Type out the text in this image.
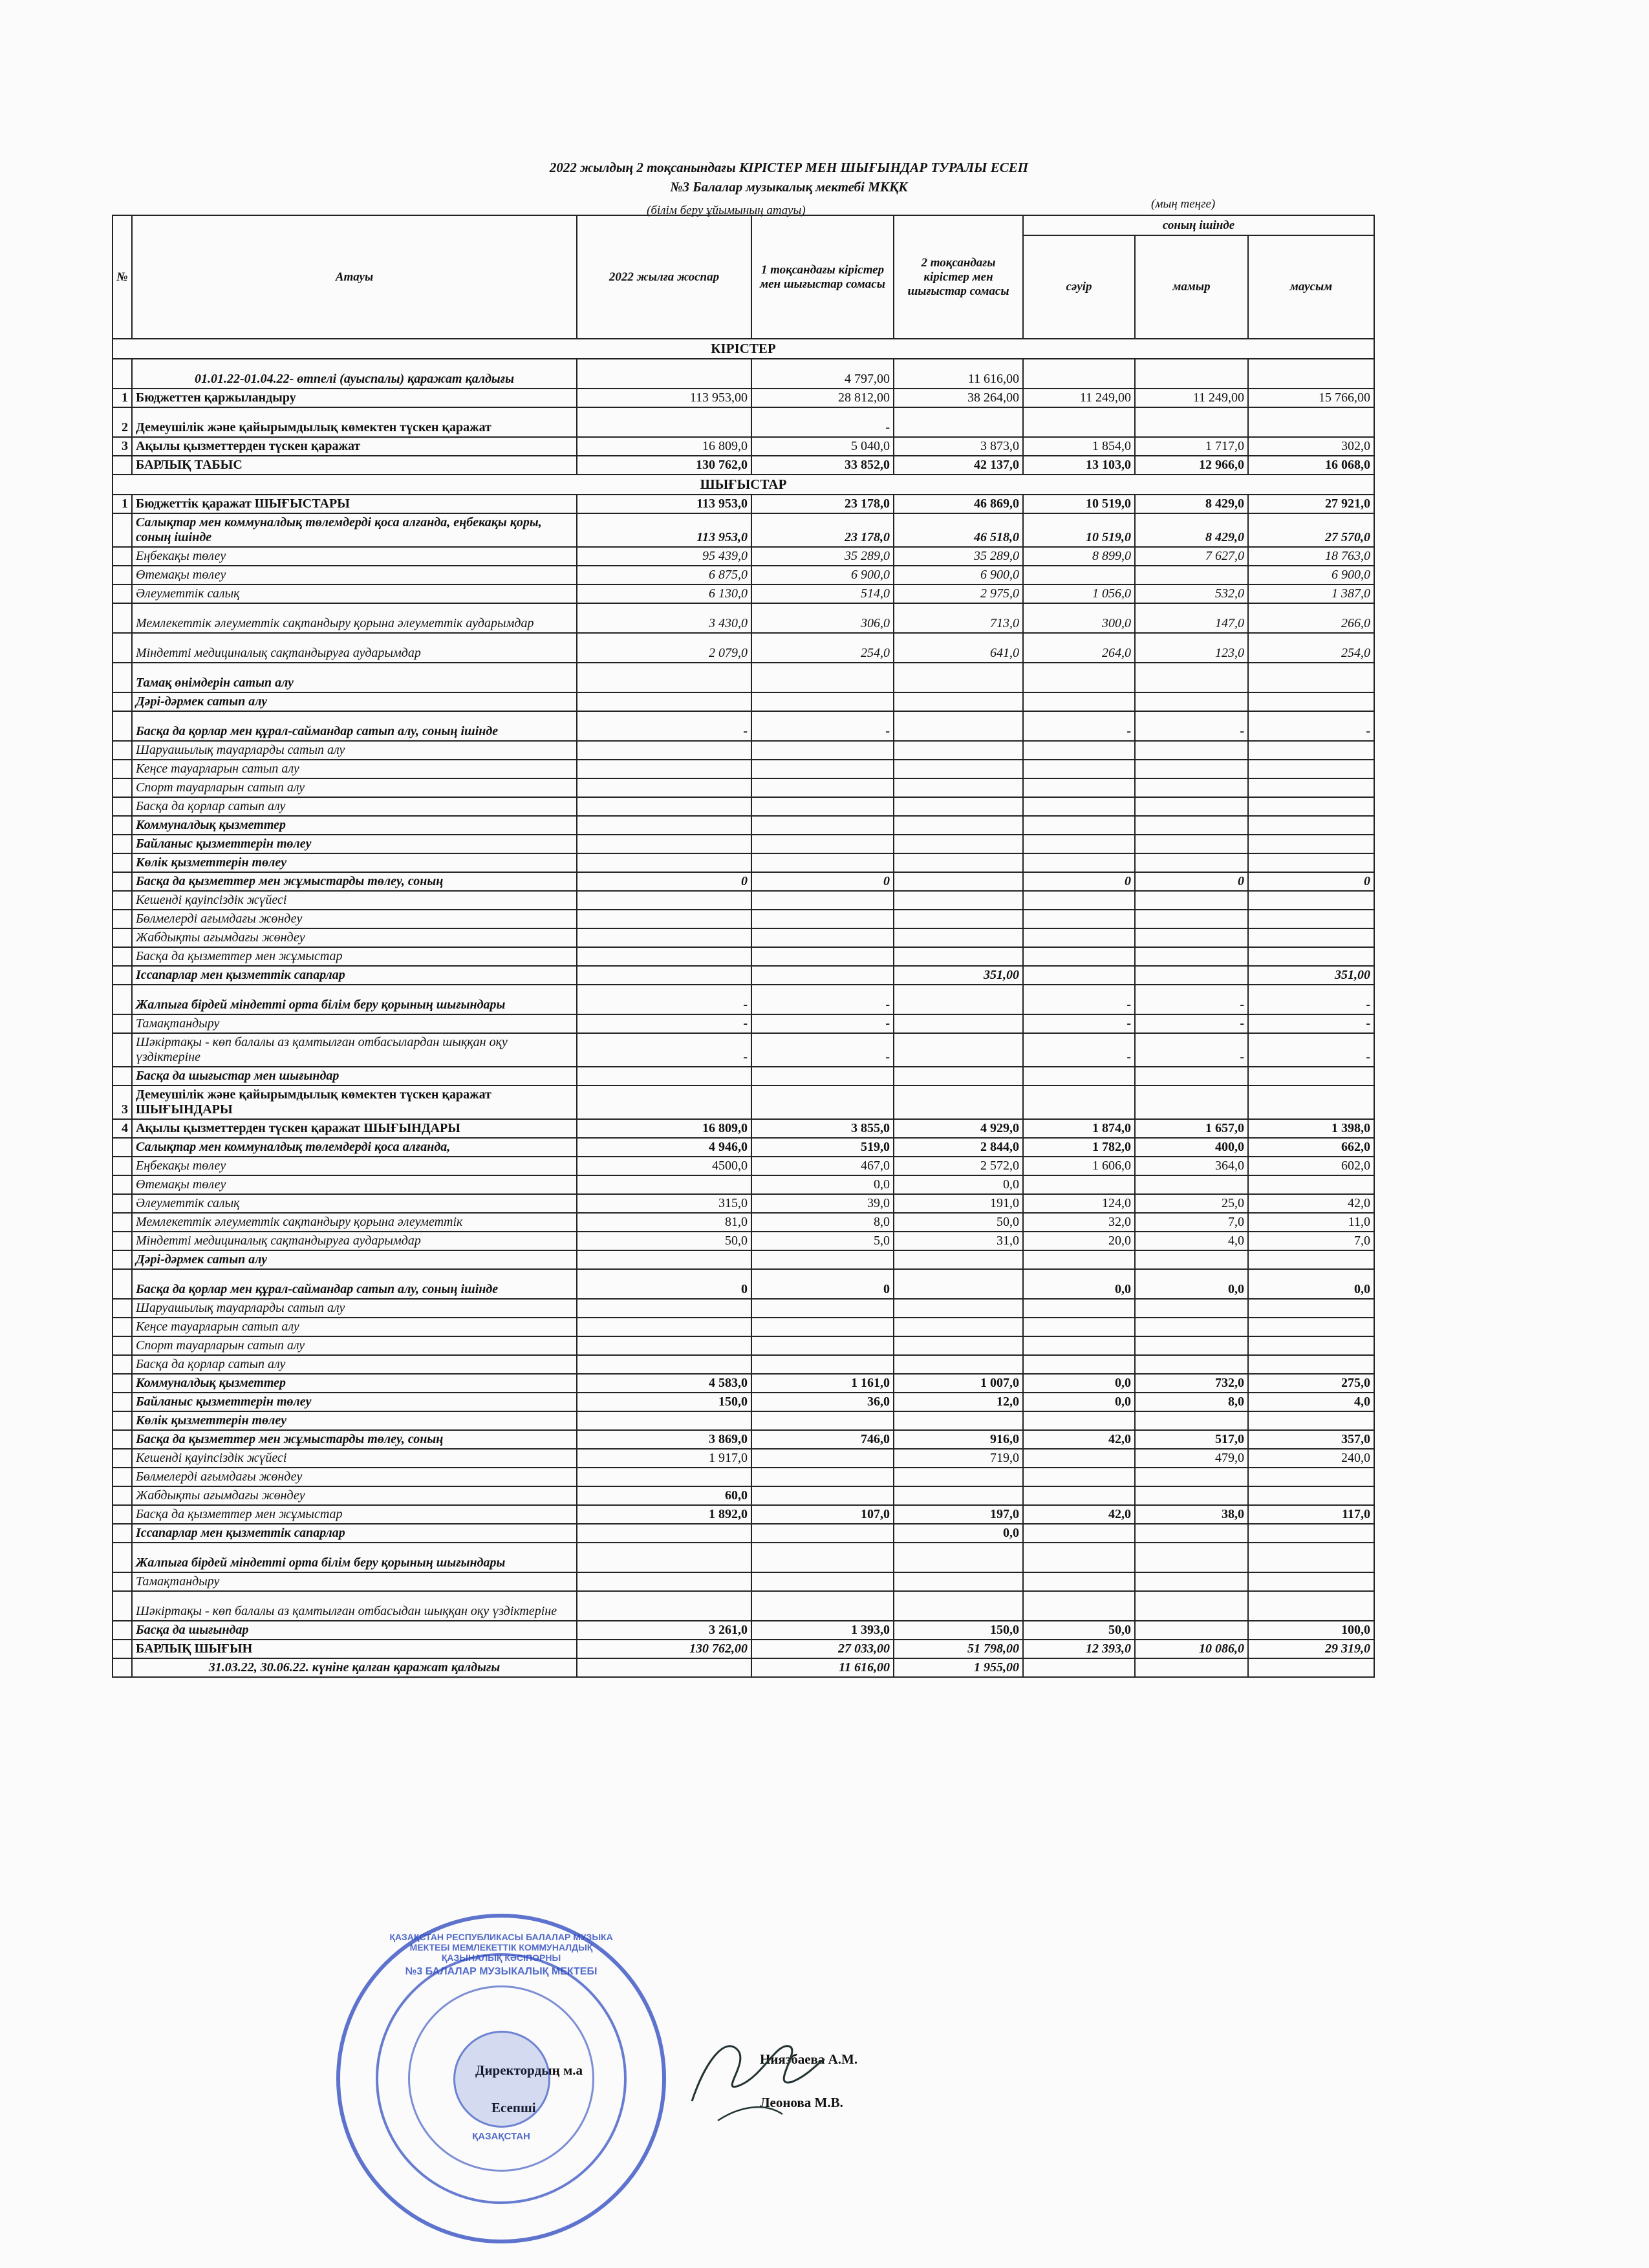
2022 жылдың 2 тоқсанындағы КІРІСТЕР МЕН ШЫҒЫНДАР ТУРАЛЫ ЕСЕП
№3 Балалар музыкалық мектебі МКҚК
(білім беру ұйымының атауы)	(мың теңге)
№	Атауы	2022 жылға жоспар	1 тоқсандағы кірістер мен шығыстар сомасы	2 тоқсандағы кірістер мен шығыстар сомасы	соның ішінде		
					сәуір	мамыр	маусым
КІРІСТЕР							
	01.01.22-01.04.22- өтпелі (ауыспалы) қаражат қалдығы		4 797,00	11 616,00			
1	Бюджеттен қаржыландыру	113 953,00	28 812,00	38 264,00	11 249,00	11 249,00	15 766,00
2	Демеушілік және қайырымдылық көмектен түскен қаражат		-				
3	Ақылы қызметтерден түскен қаражат	16 809,0	5 040,0	3 873,0	1 854,0	1 717,0	302,0
	БАРЛЫҚ ТАБЫС	130 762,0	33 852,0	42 137,0	13 103,0	12 966,0	16 068,0
ШЫҒЫСТАР							
1	Бюджеттік қаражат ШЫҒЫСТАРЫ	113 953,0	23 178,0	46 869,0	10 519,0	8 429,0	27 921,0
	Салықтар мен коммуналдық төлемдерді қоса алғанда, еңбекақы қоры, соның ішінде	113 953,0	23 178,0	46 518,0	10 519,0	8 429,0	27 570,0
	Еңбекақы төлеу	95 439,0	35 289,0	35 289,0	8 899,0	7 627,0	18 763,0
	Өтемақы төлеу	6 875,0	6 900,0	6 900,0			6 900,0
	Әлеуметтік салық	6 130,0	514,0	2 975,0	1 056,0	532,0	1 387,0
	Мемлекеттік әлеуметтік сақтандыру қорына әлеуметтік аударымдар	3 430,0	306,0	713,0	300,0	147,0	266,0
	Міндетті медициналық сақтандыруға аударымдар	2 079,0	254,0	641,0	264,0	123,0	254,0
	Тамақ өнімдерін сатып алу						
	Дәрі-дәрмек сатып алу						
	Басқа да қорлар мен құрал-саймандар сатып алу, соның ішінде	-	-		-	-	-
	Шаруашылық тауарларды сатып алу						
	Кеңсе тауарларын сатып алу						
	Спорт тауарларын сатып алу						
	Басқа да қорлар сатып алу						
	Коммуналдық қызметтер						
	Байланыс қызметтерін төлеу						
	Көлік қызметтерін төлеу						
	Басқа да қызметтер мен жұмыстарды төлеу, соның	0	0		0	0	0
	Кешенді қауіпсіздік жүйесі						
	Бөлмелерді ағымдағы жөндеу						
	Жабдықты ағымдағы жөндеу						
	Басқа да қызметтер мен жұмыстар						
	Іссапарлар мен қызметтік сапарлар			351,00			351,00
	Жалпыға бірдей міндетті орта білім беру қорының шығындары	-	-		-	-	-
	Тамақтандыру	-	-		-	-	-
	Шәкіртақы - көп балалы аз қамтылған отбасылардан шыққан оқу үздіктеріне	-	-		-	-	-
	Басқа да шығыстар мен шығындар						
3	Демеушілік және қайырымдылық көмектен түскен қаражат ШЫҒЫНДАРЫ						
4	Ақылы қызметтерден түскен қаражат ШЫҒЫНДАРЫ	16 809,0	3 855,0	4 929,0	1 874,0	1 657,0	1 398,0
	Салықтар мен коммуналдық төлемдерді қоса алғанда,	4 946,0	519,0	2 844,0	1 782,0	400,0	662,0
	Еңбекақы төлеу	4500,0	467,0	2 572,0	1 606,0	364,0	602,0
	Өтемақы төлеу		0,0	0,0			
	Әлеуметтік салық	315,0	39,0	191,0	124,0	25,0	42,0
	Мемлекеттік әлеуметтік сақтандыру қорына әлеуметтік	81,0	8,0	50,0	32,0	7,0	11,0
	Міндетті медициналық сақтандыруға аударымдар	50,0	5,0	31,0	20,0	4,0	7,0
	Дәрі-дәрмек сатып алу						
	Басқа да қорлар мен құрал-саймандар сатып алу, соның ішінде	0	0		0,0	0,0	0,0
	Шаруашылық тауарларды сатып алу						
	Кеңсе тауарларын сатып алу						
	Спорт тауарларын сатып алу						
	Басқа да қорлар сатып алу						
	Коммуналдық қызметтер	4 583,0	1 161,0	1 007,0	0,0	732,0	275,0
	Байланыс қызметтерін төлеу	150,0	36,0	12,0	0,0	8,0	4,0
	Көлік қызметтерін төлеу						
	Басқа да қызметтер мен жұмыстарды төлеу, соның	3 869,0	746,0	916,0	42,0	517,0	357,0
	Кешенді қауіпсіздік жүйесі	1 917,0		719,0		479,0	240,0
	Бөлмелерді ағымдағы жөндеу						
	Жабдықты ағымдағы жөндеу	60,0					
	Басқа да қызметтер мен жұмыстар	1 892,0	107,0	197,0	42,0	38,0	117,0
	Іссапарлар мен қызметтік сапарлар			0,0			
	Жалпыға бірдей міндетті орта білім беру қорының шығындары						
	Тамақтандыру						
	Шәкіртақы - көп балалы аз қамтылған отбасыдан шыққан оқу үздіктеріне						
	Басқа да шығындар	3 261,0	1 393,0	150,0	50,0		100,0
	БАРЛЫҚ ШЫҒЫН	130 762,00	27 033,00	51 798,00	12 393,0	10 086,0	29 319,0
	31.03.22, 30.06.22. күніне қалған қаражат қалдығы		11 616,00	1 955,00			
Директордың м.а
Ниязбаева А.М.
Есепші	Леонова М.В.
ҚАЗАҚСТАН РЕСПУБЛИКАСЫ БАЛАЛАР МУЗЫКА МЕКТЕБІ МЕМЛЕКЕТТІК КОММУНАЛДЫҚ ҚАЗЫНАЛЫҚ КӘСІПОРНЫ
№3 БАЛАЛАР МУЗЫКАЛЫҚ МЕКТЕБІ
ҚАЗАҚСТАН
